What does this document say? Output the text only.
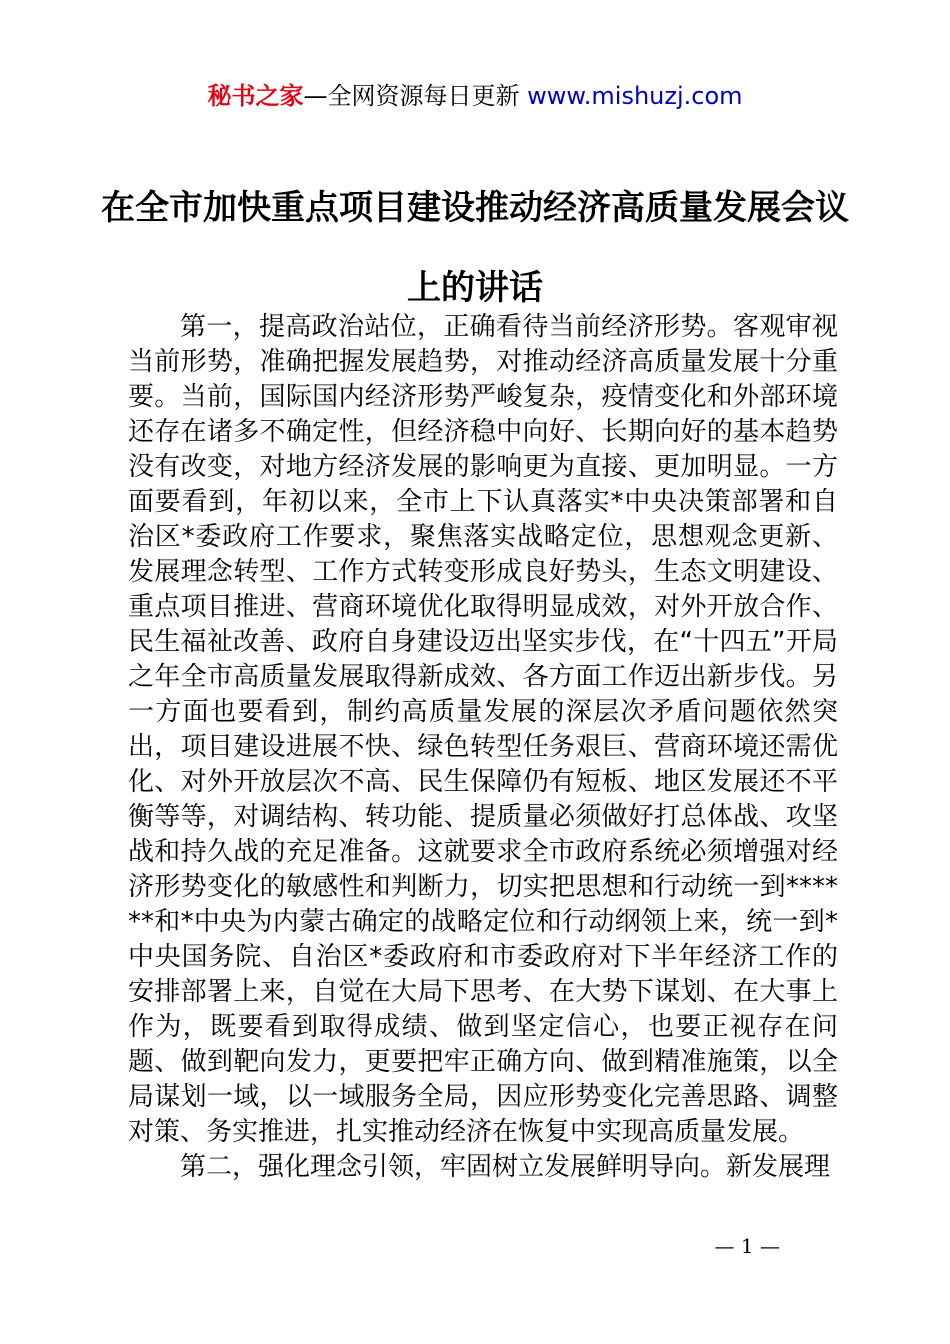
秘书之家—全网资源每日更新 www.mishuzj.com
在全市加快重点项目建设推动经济高质量发展会议上的讲话

第一，提高政治站位，正确看待当前经济形势。客观审视当前形势，准确把握发展趋势，对推动经济高质量发展十分重要。当前，国际国内经济形势严峻复杂，疫情变化和外部环境还存在诸多不确定性，但经济稳中向好、长期向好的基本趋势没有改变，对地方经济发展的影响更为直接、更加明显。一方面要看到，年初以来，全市上下认真落实*中央决策部署和自治区*委政府工作要求，聚焦落实战略定位，思想观念更新、发展理念转型、工作方式转变形成良好势头，生态文明建设、重点项目推进、营商环境优化取得明显成效，对外开放合作、民生福祉改善、政府自身建设迈出坚实步伐，在“十四五”开局之年全市高质量发展取得新成效、各方面工作迈出新步伐。另一方面也要看到，制约高质量发展的深层次矛盾问题依然突出，项目建设进展不快、绿色转型任务艰巨、营商环境还需优化、对外开放层次不高、民生保障仍有短板、地区发展还不平衡等等，对调结构、转功能、提质量必须做好打总体战、攻坚战和持久战的充足准备。这就要求全市政府系统必须增强对经济形势变化的敏感性和判断力，切实把思想和行动统一到******和*中央为内蒙古确定的战略定位和行动纲领上来，统一到*中央国务院、自治区*委政府和市委政府对下半年经济工作的安排部署上来，自觉在大局下思考、在大势下谋划、在大事上作为，既要看到取得成绩、做到坚定信心，也要正视存在问题、做到靶向发力，更要把牢正确方向、做到精准施策，以全局谋划一域，以一域服务全局，因应形势变化完善思路、调整对策、务实推进，扎实推动经济在恢复中实现高质量发展。

第二，强化理念引领，牢固树立发展鲜明导向。新发展理

— 1 —
